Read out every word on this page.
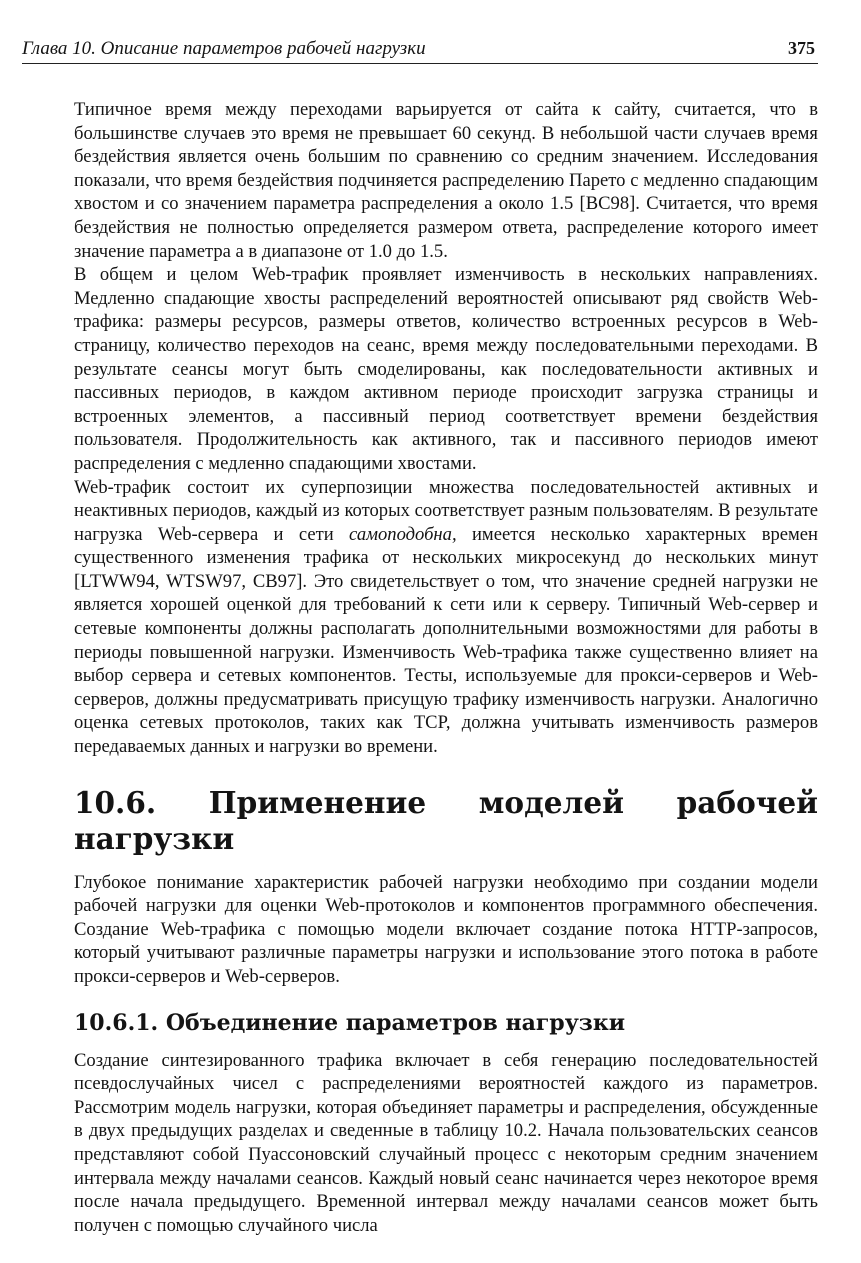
Глава 10. Описание параметров рабочей нагрузки	375

Типичное время между переходами варьируется от сайта к сайту, считается, что в большинстве случаев это время не превышает 60 секунд. В небольшой части случаев время бездействия является очень большим по сравнению со средним значением. Исследования показали, что время бездействия подчиняется распределению Парето с медленно спадающим хвостом и со значением параметра распределения a около 1.5 [BC98]. Считается, что время бездействия не полностью определяется размером ответа, распределение которого имеет значение параметра a в диапазоне от 1.0 до 1.5.

В общем и целом Web-трафик проявляет изменчивость в нескольких направлениях. Медленно спадающие хвосты распределений вероятностей описывают ряд свойств Web-трафика: размеры ресурсов, размеры ответов, количество встроенных ресурсов в Web-страницу, количество переходов на сеанс, время между последовательными переходами. В результате сеансы могут быть смоделированы, как последовательности активных и пассивных периодов, в каждом активном периоде происходит загрузка страницы и встроенных элементов, а пассивный период соответствует времени бездействия пользователя. Продолжительность как активного, так и пассивного периодов имеют распределения с медленно спадающими хвостами.

Web-трафик состоит их суперпозиции множества последовательностей активных и неактивных периодов, каждый из которых соответствует разным пользователям. В результате нагрузка Web-сервера и сети самоподобна, имеется несколько характерных времен существенного изменения трафика от нескольких микросекунд до нескольких минут [LTWW94, WTSW97, CB97]. Это свидетельствует о том, что значение средней нагрузки не является хорошей оценкой для требований к сети или к серверу. Типичный Web-сервер и сетевые компоненты должны располагать дополнительными возможностями для работы в периоды повышенной нагрузки. Изменчивость Web-трафика также существенно влияет на выбор сервера и сетевых компонентов. Тесты, используемые для прокси-серверов и Web-серверов, должны предусматривать присущую трафику изменчивость нагрузки. Аналогично оценка сетевых протоколов, таких как TCP, должна учитывать изменчивость размеров передаваемых данных и нагрузки во времени.

10.6. Применение моделей рабочей нагрузки

Глубокое понимание характеристик рабочей нагрузки необходимо при создании модели рабочей нагрузки для оценки Web-протоколов и компонентов программного обеспечения. Создание Web-трафика с помощью модели включает создание потока HTTP-запросов, который учитывают различные параметры нагрузки и использование этого потока в работе прокси-серверов и Web-серверов.

10.6.1. Объединение параметров нагрузки

Создание синтезированного трафика включает в себя генерацию последовательностей псевдослучайных чисел с распределениями вероятностей каждого из параметров. Рассмотрим модель нагрузки, которая объединяет параметры и распределения, обсужденные в двух предыдущих разделах и сведенные в таблицу 10.2. Начала пользовательских сеансов представляют собой Пуассоновский случайный процесс с некоторым средним значением интервала между началами сеансов. Каждый новый сеанс начинается через некоторое время после начала предыдущего. Временной интервал между началами сеансов может быть получен с помощью случайного числа
